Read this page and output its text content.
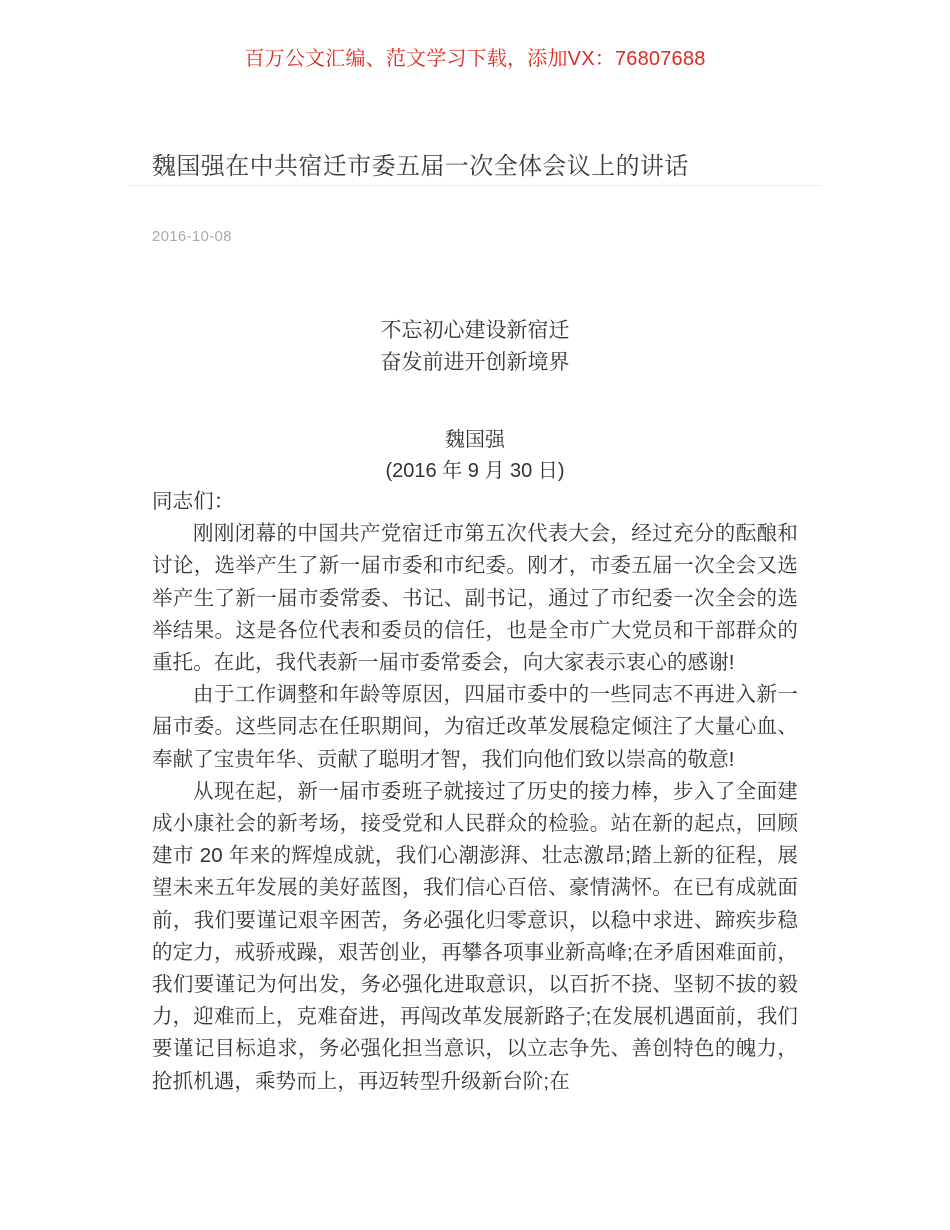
百万公文汇编、范文学习下载，添加VX：76807688
魏国强在中共宿迁市委五届一次全体会议上的讲话
2016-10-08
不忘初心建设新宿迁
奋发前进开创新境界
魏国强
(2016 年 9 月 30 日)

同志们：

刚刚闭幕的中国共产党宿迁市第五次代表大会，经过充分的酝酿和讨论，选举产生了新一届市委和市纪委。刚才，市委五届一次全会又选举产生了新一届市委常委、书记、副书记，通过了市纪委一次全会的选举结果。这是各位代表和委员的信任，也是全市广大党员和干部群众的重托。在此，我代表新一届市委常委会，向大家表示衷心的感谢!

由于工作调整和年龄等原因，四届市委中的一些同志不再进入新一届市委。这些同志在任职期间，为宿迁改革发展稳定倾注了大量心血、奉献了宝贵年华、贡献了聪明才智，我们向他们致以崇高的敬意!

从现在起，新一届市委班子就接过了历史的接力棒，步入了全面建成小康社会的新考场，接受党和人民群众的检验。站在新的起点，回顾建市 20 年来的辉煌成就，我们心潮澎湃、壮志激昂;踏上新的征程，展望未来五年发展的美好蓝图，我们信心百倍、豪情满怀。在已有成就面前，我们要谨记艰辛困苦，务必强化归零意识，以稳中求进、蹄疾步稳的定力，戒骄戒躁，艰苦创业，再攀各项事业新高峰;在矛盾困难面前，我们要谨记为何出发，务必强化进取意识，以百折不挠、坚韧不拔的毅力，迎难而上，克难奋进，再闯改革发展新路子;在发展机遇面前，我们要谨记目标追求，务必强化担当意识，以立志争先、善创特色的魄力，抢抓机遇，乘势而上，再迈转型升级新台阶;在
